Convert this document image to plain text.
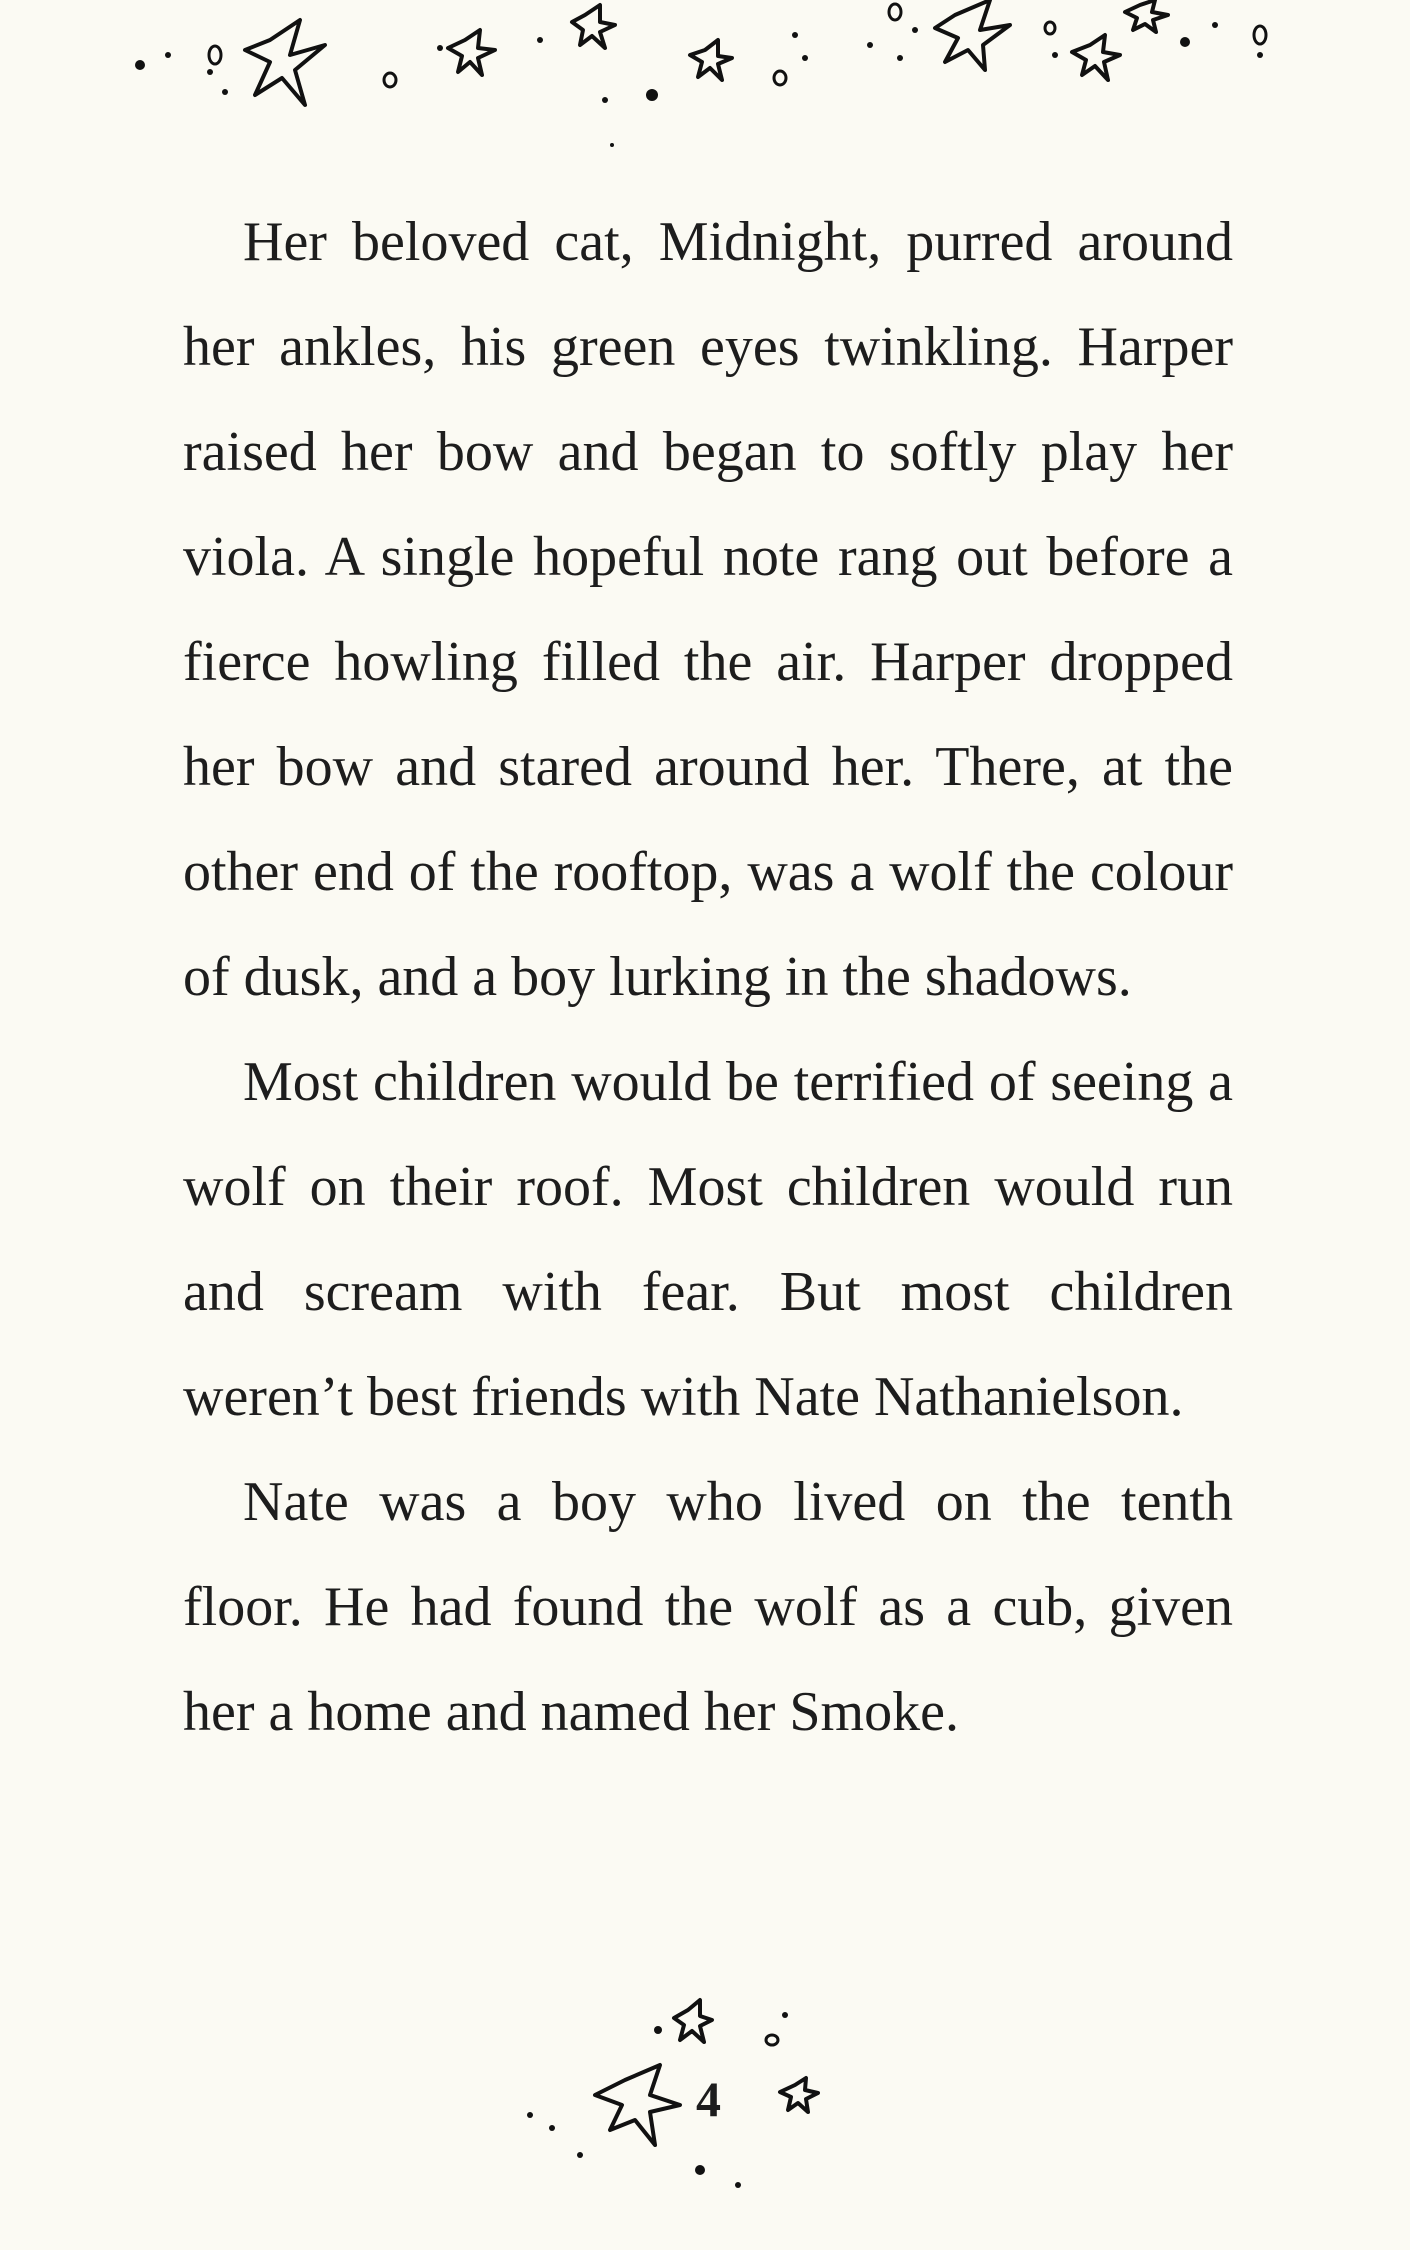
Her beloved cat, Midnight, purred around her ankles, his green eyes twinkling. Harper raised her bow and began to softly play her viola. A single hopeful note rang out before a fierce howling filled the air. Harper dropped her bow and stared around her. There, at the other end of the rooftop, was a wolf the colour of dusk, and a boy lurking in the shadows.

Most children would be terrified of seeing a wolf on their roof. Most children would run and scream with fear. But most children weren’t best friends with Nate Nathanielson.

Nate was a boy who lived on the tenth floor. He had found the wolf as a cub, given her a home and named her Smoke.

4
